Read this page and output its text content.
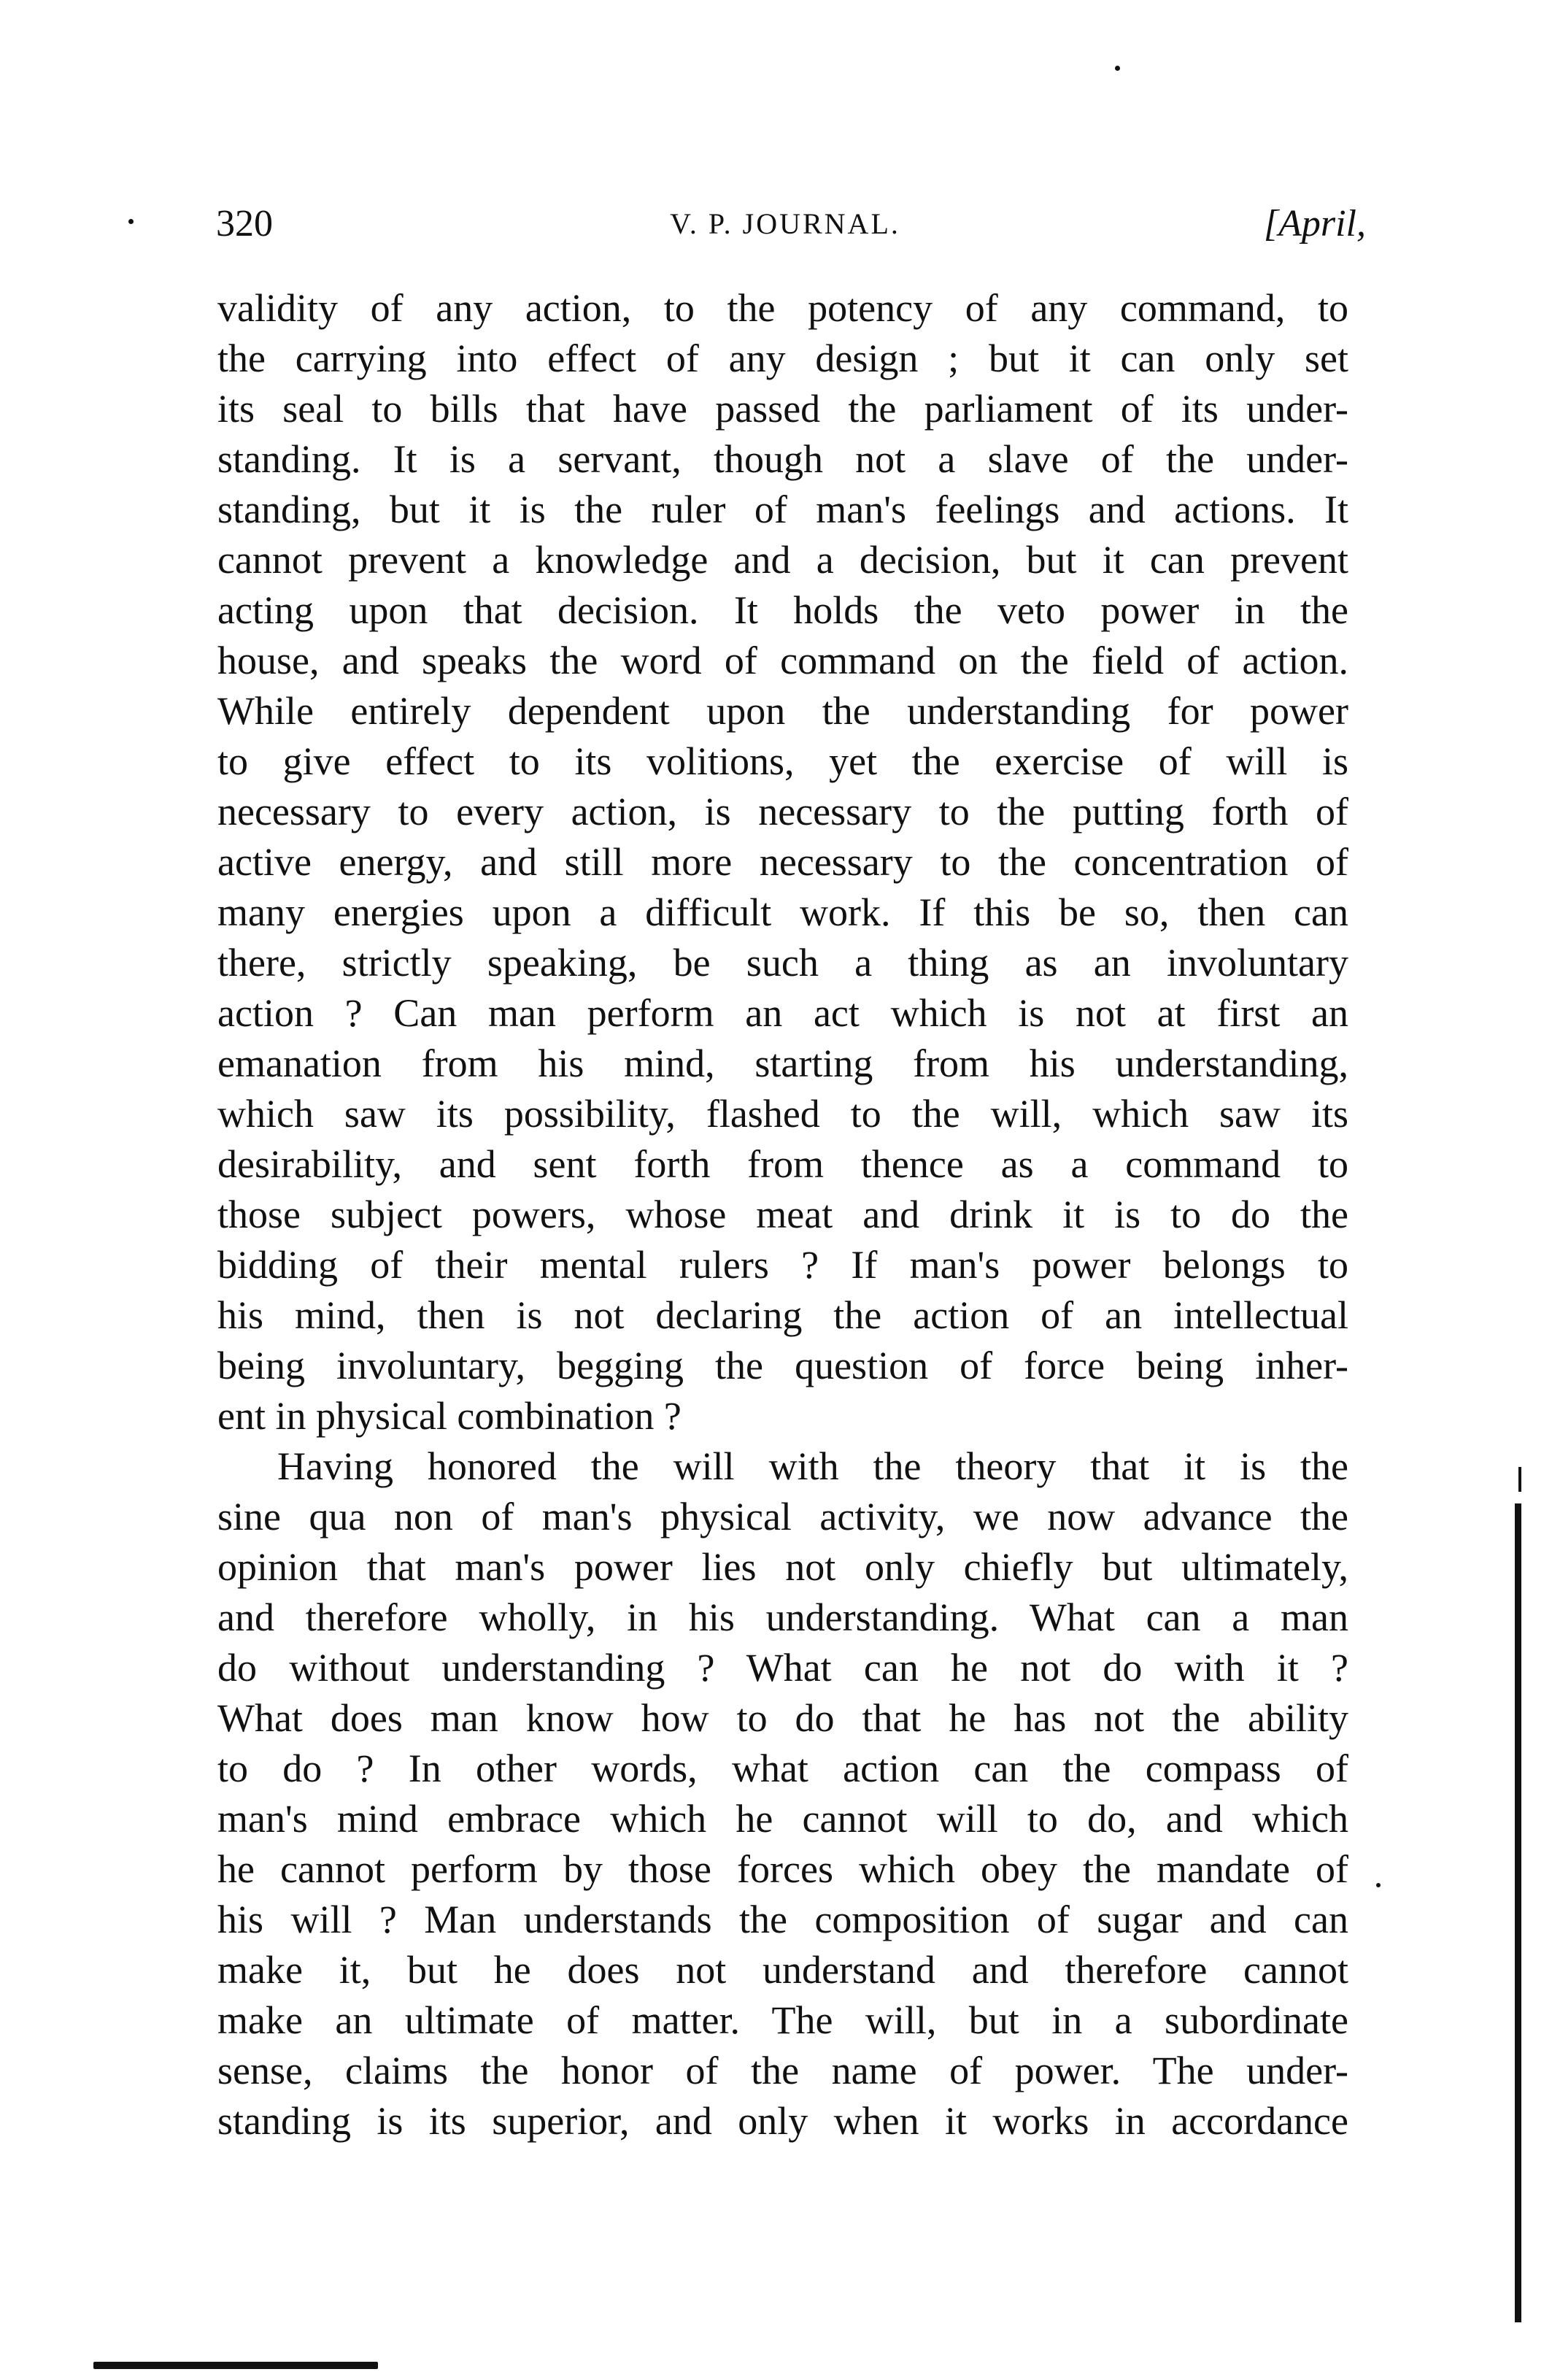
320	V. P. JOURNAL.	[April,
validity of any action, to the potency of any command, to
the carrying into effect of any design ; but it can only set
its seal to bills that have passed the parliament of its under-
standing. It is a servant, though not a slave of the under-
standing, but it is the ruler of man's feelings and actions. It
cannot prevent a knowledge and a decision, but it can prevent
acting upon that decision. It holds the veto power in the
house, and speaks the word of command on the field of action.
While entirely dependent upon the understanding for power
to give effect to its volitions, yet the exercise of will is
necessary to every action, is necessary to the putting forth of
active energy, and still more necessary to the concentration of
many energies upon a difficult work. If this be so, then can
there, strictly speaking, be such a thing as an involuntary
action ? Can man perform an act which is not at first an
emanation from his mind, starting from his understanding,
which saw its possibility, flashed to the will, which saw its
desirability, and sent forth from thence as a command to
those subject powers, whose meat and drink it is to do the
bidding of their mental rulers ? If man's power belongs to
his mind, then is not declaring the action of an intellectual
being involuntary, begging the question of force being inher-
ent in physical combination ?
Having honored the will with the theory that it is the
sine qua non of man's physical activity, we now advance the
opinion that man's power lies not only chiefly but ultimately,
and therefore wholly, in his understanding. What can a man
do without understanding ? What can he not do with it ?
What does man know how to do that he has not the ability
to do ? In other words, what action can the compass of
man's mind embrace which he cannot will to do, and which
he cannot perform by those forces which obey the mandate of
his will ? Man understands the composition of sugar and can
make it, but he does not understand and therefore cannot
make an ultimate of matter. The will, but in a subordinate
sense, claims the honor of the name of power. The under-
standing is its superior, and only when it works in accordance
